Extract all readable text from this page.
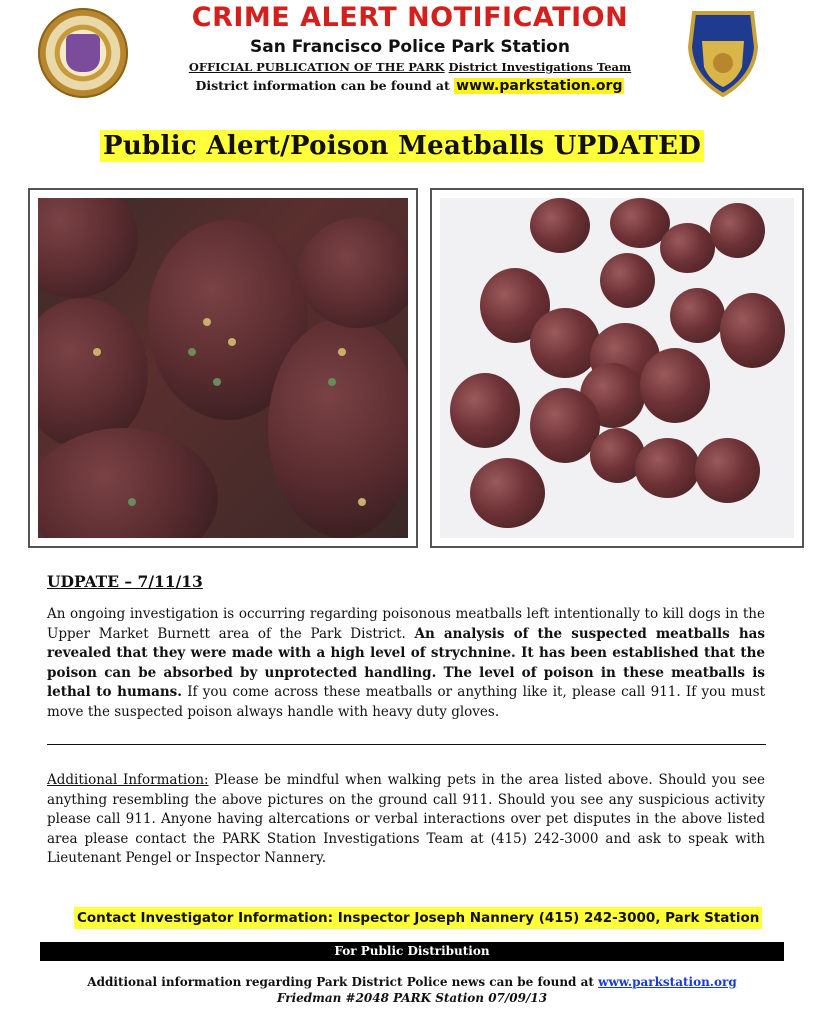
CRIME ALERT NOTIFICATION
San Francisco Police Park Station
OFFICIAL PUBLICATION OF THE PARK District Investigations Team
District information can be found at www.parkstation.org
Public Alert/Poison Meatballs UPDATED
UDPATE – 7/11/13
An ongoing investigation is occurring regarding poisonous meatballs left intentionally to kill dogs in the Upper Market Burnett area of the Park District. An analysis of the suspected meatballs has revealed that they were made with a high level of strychnine. It has been established that the poison can be absorbed by unprotected handling. The level of poison in these meatballs is lethal to humans. If you come across these meatballs or anything like it, please call 911. If you must move the suspected poison always handle with heavy duty gloves.
Additional Information: Please be mindful when walking pets in the area listed above. Should you see anything resembling the above pictures on the ground call 911. Should you see any suspicious activity please call 911. Anyone having altercations or verbal interactions over pet disputes in the above listed area please contact the PARK Station Investigations Team at (415) 242-3000 and ask to speak with Lieutenant Pengel or Inspector Nannery.
Contact Investigator Information: Inspector Joseph Nannery (415) 242-3000, Park Station
For Public Distribution
Additional information regarding Park District Police news can be found at www.parkstation.org
Friedman #2048 PARK Station 07/09/13
